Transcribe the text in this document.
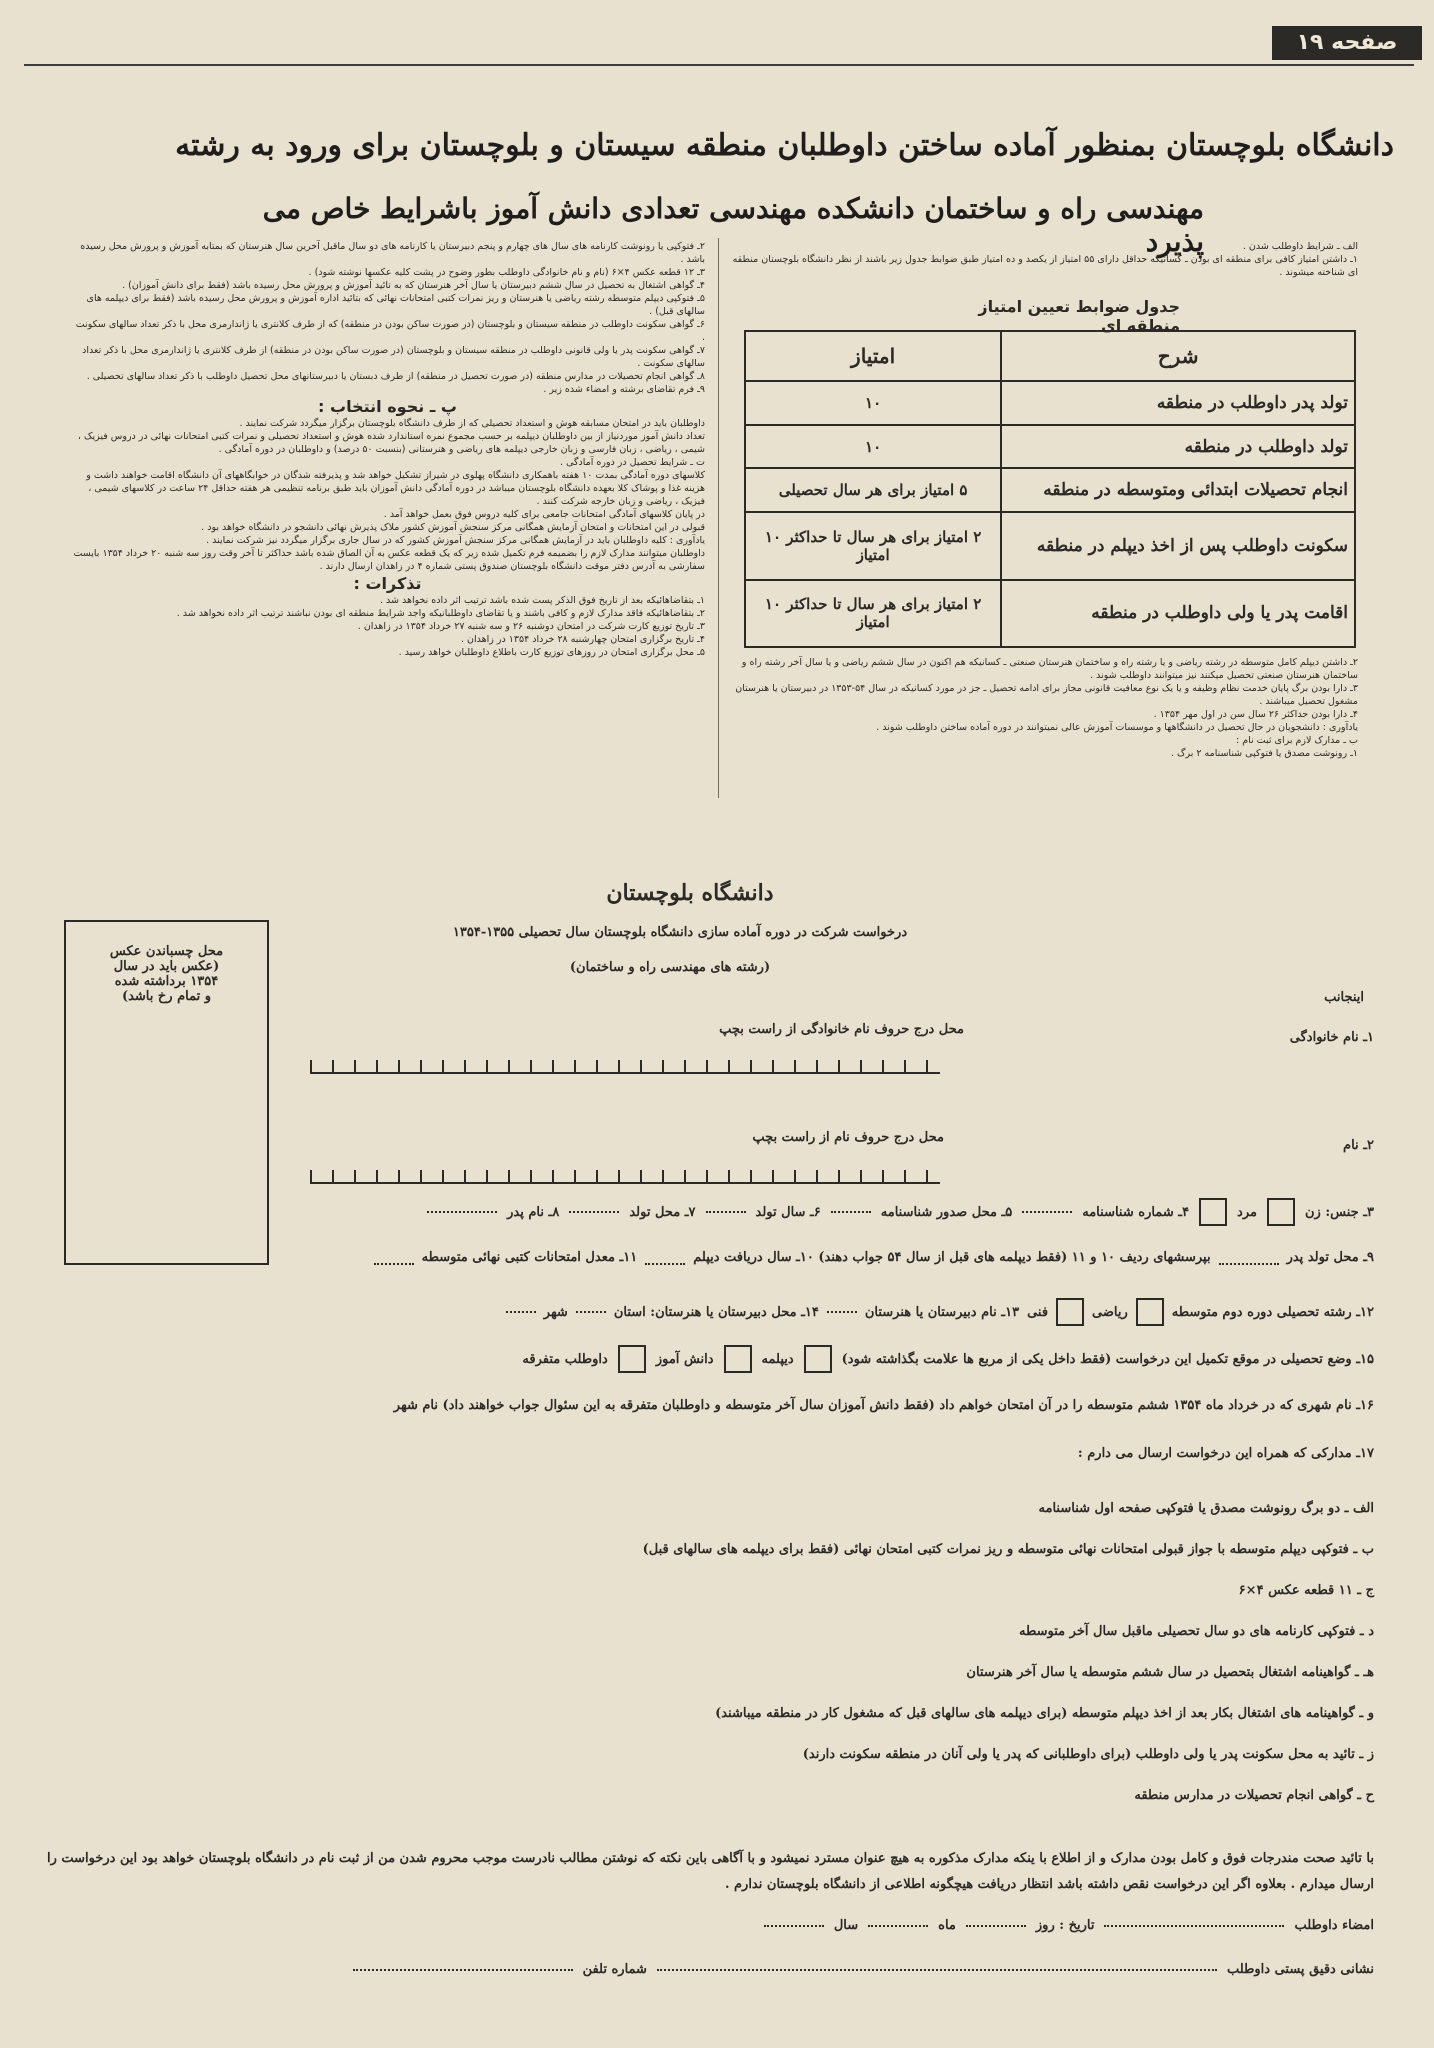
صفحه ۱۹
دانشگاه بلوچستان بمنظور آماده ساختن داوطلبان منطقه سیستان و بلوچستان برای ورود به رشته
مهندسی راه و ساختمان دانشکده مهندسی تعدادی دانش آموز باشرایط خاص می پذیرد	الف ـ شرایط داوطلب شدن .
۱ـ داشتن امتیاز کافی برای منطقه ای بودن ـ کسانیکه حداقل دارای ۵۵ امتیاز از یکصد و ده امتیاز طبق ضوابط جدول زیر باشند از نظر دانشگاه بلوچستان منطقه ای شناخته میشوند .
جدول ضوابط تعیین امتیاز منطقه ای
شرح	امتیاز
تولد پدر داوطلب در منطقه	۱۰
تولد داوطلب در منطقه	۱۰
انجام تحصیلات ابتدائی ومتوسطه در منطقه	۵ امتیاز برای هر سال تحصیلی
سکونت داوطلب پس از اخذ دیپلم در منطقه	۲ امتیاز برای هر سال تا حداکثر ۱۰ امتیاز
اقامت پدر یا ولی داوطلب در منطقه	۲ امتیاز برای هر سال تا حداکثر ۱۰ امتیاز
۲ـ داشتن دیپلم کامل متوسطه در رشته ریاضی و یا رشته راه و ساختمان هنرستان صنعتی ـ کسانیکه هم اکنون در سال ششم ریاضی و یا سال آخر رشته راه و ساختمان هنرستان صنعتی تحصیل میکنند نیز میتوانند داوطلب شوند .
۳ـ دارا بودن برگ پایان خدمت نظام وظیفه و یا یک نوع معافیت قانونی مجاز برای ادامه تحصیل ـ جز در مورد کسانیکه در سال ۵۴-۱۳۵۳ در دبیرستان یا هنرستان مشغول تحصیل میباشند .
۴ـ دارا بودن حداکثر ۲۶ سال سن در اول مهر ۱۳۵۴ .
یادآوری : دانشجویان در حال تحصیل در دانشگاهها و موسسات آموزش عالی نمیتوانند در دوره آماده ساختن داوطلب شوند .
ب ـ مدارک لازم برای ثبت نام :
۱ـ رونوشت مصدق یا فتوکپی شناسنامه ۲ برگ .
۲ـ فتوکپی یا رونوشت کارنامه های سال های چهارم و پنجم دبیرستان یا کارنامه های دو سال ماقبل آخرین سال هنرستان که بمتابه آموزش و پرورش محل رسیده باشد .
۳ـ ۱۲ قطعه عکس ۴×۶ (نام و نام خانوادگی داوطلب بطور وضوح در پشت کلیه عکسها نوشته شود) .
۴ـ گواهی اشتغال به تحصیل در سال ششم دبیرستان یا سال آخر هنرستان که به تائید آموزش و پرورش محل رسیده باشد (فقط برای دانش آموزان) .
۵ـ فتوکپی دیپلم متوسطه رشته ریاضی یا هنرستان و ریز نمرات کتبی امتحانات نهائی که بتائید اداره آموزش و پرورش محل رسیده باشد (فقط برای دیپلمه های سالهای قبل) .
۶ـ گواهی سکونت داوطلب در منطقه سیستان و بلوچستان (در صورت ساکن بودن در منطقه) که از طرف کلانتری یا ژاندارمری محل با ذکر تعداد سالهای سکونت .
۷ـ گواهی سکونت پدر یا ولی قانونی داوطلب در منطقه سیستان و بلوچستان (در صورت ساکن بودن در منطقه) از طرف کلانتری یا ژاندارمری محل با ذکر تعداد سالهای سکونت .
۸ـ گواهی انجام تحصیلات در مدارس منطقه (در صورت تحصیل در منطقه) از طرف دبستان یا دبیرستانهای محل تحصیل داوطلب با ذکر تعداد سالهای تحصیلی .
۹ـ فرم تقاضای برشته و امضاء شده زیر .
پ ـ نحوه انتخاب :
داوطلبان باید در امتحان مسابقه هوش و استعداد تحصیلی که از طرف دانشگاه بلوچستان برگزار میگردد شرکت نمایند .
تعداد دانش آموز موردنیاز از بین داوطلبان دیپلمه بر حسب مجموع نمره استاندارد شده هوش و استعداد تحصیلی و نمرات کتبی امتحانات نهائی در دروس فیزیک ، شیمی ، ریاضی ، زبان فارسی و زبان خارجی دیپلمه های ریاضی و هنرستانی (بنسبت ۵۰ درصد) و داوطلبان در دوره آمادگی .
ت ـ شرایط تحصیل در دوره آمادگی .
کلاسهای دوره آمادگی بمدت ۱۰ هفته باهمکاری دانشگاه پهلوی در شیراز تشکیل خواهد شد و پذیرفته شدگان در خوابگاههای آن دانشگاه اقامت خواهند داشت و هزینه غذا و پوشاک کلا بعهده دانشگاه بلوچستان میباشد در دوره آمادگی دانش آموزان باید طبق برنامه تنظیمی هر هفته حداقل ۲۴ ساعت در کلاسهای شیمی ، فیزیک ، ریاضی و زبان خارجه شرکت کنند .
در پایان کلاسهای آمادگی امتحانات جامعی برای کلیه دروس فوق بعمل خواهد آمد .
قبولی در این امتحانات و امتحان آزمایش همگانی مرکز سنجش آموزش کشور ملاک پذیرش نهائی دانشجو در دانشگاه خواهد بود .
یادآوری : کلیه داوطلبان باید در آزمایش همگانی مرکز سنجش آموزش کشور که در سال جاری برگزار میگردد نیز شرکت نمایند .
داوطلبان میتوانند مدارک لازم را بضمیمه فرم تکمیل شده زیر که یک قطعه عکس به آن الصاق شده باشد حداکثر تا آخر وقت روز سه شنبه ۲۰ خرداد ۱۳۵۴ بایست سفارشی به آدرس دفتر موقت دانشگاه بلوچستان صندوق پستی شماره ۴ در زاهدان ارسال دارند .
تذکرات :
۱ـ بتقاضاهائیکه بعد از تاریخ فوق الذکر پست شده باشد ترتیب اثر داده نخواهد شد .
۲ـ بتقاضاهائیکه فاقد مدارک لازم و کافی باشند و یا تقاضای داوطلبانیکه واجد شرایط منطقه ای بودن نباشند ترتیب اثر داده نخواهد شد .
۳ـ تاریخ توزیع کارت شرکت در امتحان دوشنبه ۲۶ و سه شنبه ۲۷ خرداد ۱۳۵۴ در زاهدان .
۴ـ تاریخ برگزاری امتحان چهارشنبه ۲۸ خرداد ۱۳۵۴ در زاهدان .
۵ـ محل برگزاری امتحان در روزهای توزیع کارت باطلاع داوطلبان خواهد رسید .
دانشگاه بلوچستان
درخواست شرکت در دوره آماده سازی دانشگاه بلوچستان سال تحصیلی ۱۳۵۵-۱۳۵۴
(رشته های مهندسی راه و ساختمان)
محل چسباندن عکس
(عکس باید در سال
۱۳۵۴ برداشته شده
و تمام رخ باشد)	اینجانب
محل درج حروف نام خانوادگی از راست بچپ
۱ـ نام خانوادگی
محل درج حروف نام از راست بچپ
۲ـ نام
۳ـ جنس: زن
مرد
۴ـ شماره شناسنامه
۵ـ محل صدور شناسنامه
۶ـ سال تولد
۷ـ محل تولد
۸ـ نام پدر
۹ـ محل تولد پدر
بپرسشهای ردیف ۱۰ و ۱۱ (فقط دیپلمه های قبل از سال ۵۴ جواب دهند) ۱۰ـ سال دریافت دیپلم
۱۱ـ معدل امتحانات کتبی نهائی متوسطه
۱۲ـ رشته تحصیلی دوره دوم متوسطه
ریاضی
فنی
۱۳ـ نام دبیرستان یا هنرستان
۱۴ـ محل دبیرستان یا هنرستان: استان
شهر
۱۵ـ وضع تحصیلی در موقع تکمیل این درخواست (فقط داخل یکی از مربع ها علامت بگذاشته شود)
دیپلمه
دانش آموز
داوطلب متفرقه
۱۶ـ نام شهری که در خرداد ماه ۱۳۵۴ ششم متوسطه را در آن امتحان خواهم داد (فقط دانش آموزان سال آخر متوسطه و داوطلبان متفرقه به این سئوال جواب خواهند داد) نام شهر
۱۷ـ مدارکی که همراه این درخواست ارسال می دارم :
الف ـ دو برگ رونوشت مصدق یا فتوکپی صفحه اول شناسنامه
ب ـ فتوکپی دیپلم متوسطه با جواز قبولی امتحانات نهائی متوسطه و ریز نمرات کتبی امتحان نهائی (فقط برای دیپلمه های سالهای قبل)
ج ـ ۱۱ قطعه عکس ۴×۶
د ـ فتوکپی کارنامه های دو سال تحصیلی ماقبل سال آخر متوسطه
هـ ـ گواهینامه اشتغال بتحصیل در سال ششم متوسطه یا سال آخر هنرستان
و ـ گواهینامه های اشتغال بکار بعد از اخذ دیپلم متوسطه (برای دیپلمه های سالهای قبل که مشغول کار در منطقه میباشند)
ز ـ تائید به محل سکونت پدر یا ولی داوطلب (برای داوطلبانی که پدر یا ولی آنان در منطقه سکونت دارند)
ح ـ گواهی انجام تحصیلات در مدارس منطقه
با تائید صحت مندرجات فوق و کامل بودن مدارک و از اطلاع با ینکه مدارک مذکوره به هیچ عنوان مسترد نمیشود و با آگاهی باین نکته که نوشتن مطالب نادرست موجب محروم شدن من از ثبت نام در دانشگاه بلوچستان خواهد بود این درخواست را ارسال میدارم . بعلاوه اگر این درخواست نقص داشته باشد انتظار دریافت هیچگونه اطلاعی از دانشگاه بلوچستان ندارم .
امضاء داوطلب
تاریخ : روز
ماه
سال
نشانی دقیق پستی داوطلب
شماره تلفن
